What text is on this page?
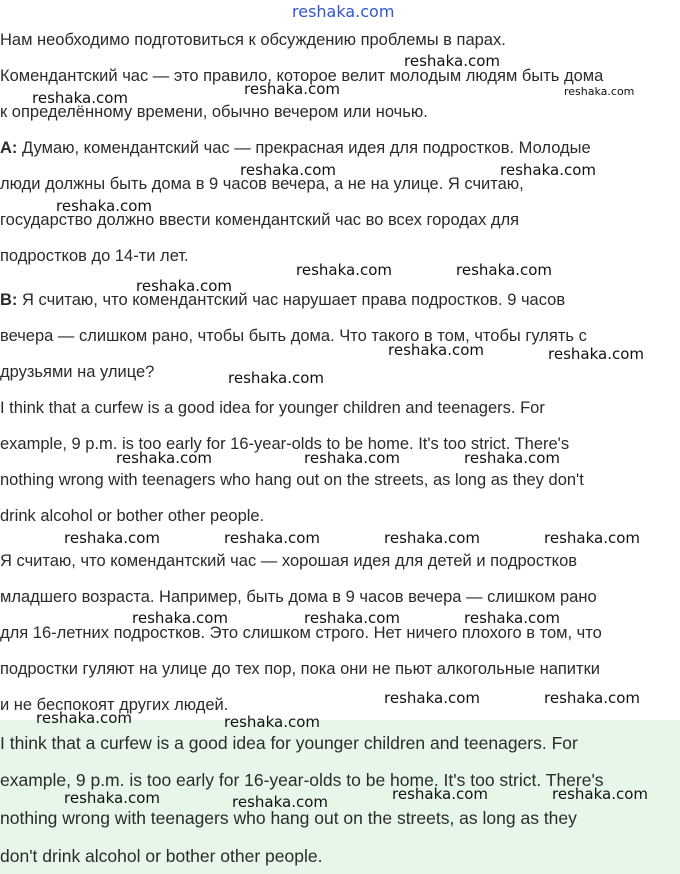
reshaka.com

Нам необходимо подготовиться к обсуждению проблемы в парах.

Комендантский час — это правило, которое велит молодым людям быть дома

к определённому времени, обычно вечером или ночью.

A: Думаю, комендантский час — прекрасная идея для подростков. Молодые

люди должны быть дома в 9 часов вечера, а не на улице. Я считаю,

государство должно ввести комендантский час во всех городах для

подростков до 14-ти лет.

B: Я считаю, что комендантский час нарушает права подростков. 9 часов

вечера — слишком рано, чтобы быть дома. Что такого в том, чтобы гулять с

друзьями на улице?

I think that a curfew is a good idea for younger children and teenagers. For

example, 9 p.m. is too early for 16-year-olds to be home. It's too strict. There's

nothing wrong with teenagers who hang out on the streets, as long as they don't

drink alcohol or bother other people.

Я считаю, что комендантский час — хорошая идея для детей и подростков

младшего возраста. Например, быть дома в 9 часов вечера — слишком рано

для 16-летних подростков. Это слишком строго. Нет ничего плохого в том, что

подростки гуляют на улице до тех пор, пока они не пьют алкогольные напитки

и не беспокоят других людей.

I think that a curfew is a good idea for younger children and teenagers. For

example, 9 p.m. is too early for 16-year-olds to be home. It's too strict. There's

nothing wrong with teenagers who hang out on the streets, as long as they

don't drink alcohol or bother other people.

reshaka.com
reshaka.com	reshaka.com
reshaka.com
reshaka.com	reshaka.com
reshaka.com
reshaka.com	reshaka.com
reshaka.com
reshaka.com	reshaka.com
reshaka.com
reshaka.com	reshaka.com	reshaka.com
reshaka.com	reshaka.com	reshaka.com	reshaka.com
reshaka.com	reshaka.com	reshaka.com
reshaka.com	reshaka.com
reshaka.com	reshaka.com
reshaka.com	reshaka.com
reshaka.com	reshaka.com
